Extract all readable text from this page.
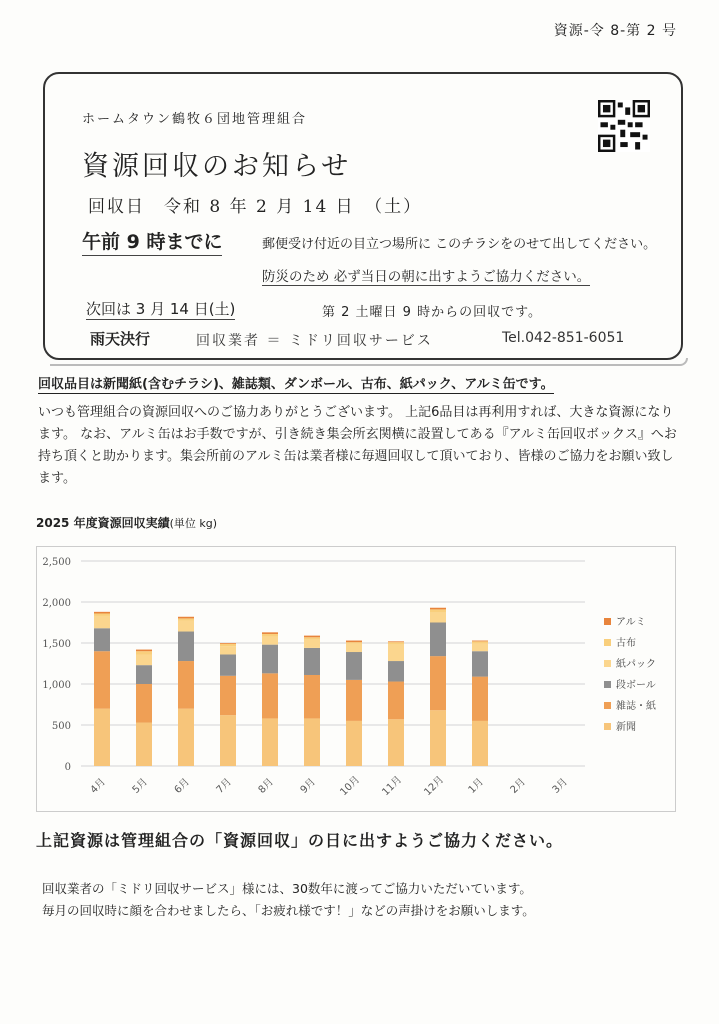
資源-令 8-第 2 号
ホームタウン鶴牧６団地管理組合
資源回収のお知らせ
回収日　令和 8 年 2 月 14 日　（土）
午前 9 時までに	郵便受け付近の目立つ場所に このチラシをのせて出してください。
防災のため 必ず当日の朝に出すようご協力ください。
次回は 3 月 14 日(土)	第 2 土曜日 9 時からの回収です。
雨天決行	回収業者 ＝ ミドリ回収サービス	Tel.042-851-6051
回収品目は新聞紙(含むチラシ)、雑誌類、ダンボール、古布、紙パック、アルミ缶です。

いつも管理組合の資源回収へのご協力ありがとうございます。 上記6品目は再利用すれば、大きな資源になります。 なお、アルミ缶はお手数ですが、引き続き集会所玄関横に設置してある『アルミ缶回収ボックス』へお持ち頂くと助かります。集会所前のアルミ缶は業者様に毎週回収して頂いており、皆様のご協力をお願い致します。

2025 年度資源回収実績(単位 kg)
0
500
1,000
1,500
2,000
2,500
4月 5月 6月 7月 8月 9月 10月 11月 12月 1月 2月 3月
アルミ
古布
紙パック
段ボール
雑誌・紙
新聞
上記資源は管理組合の「資源回収」の日に出すようご協力ください。

回収業者の「ミドリ回収サービス」様には、30数年に渡ってご協力いただいています。
毎月の回収時に顔を合わせましたら、「お疲れ様です！」などの声掛けをお願いします。
